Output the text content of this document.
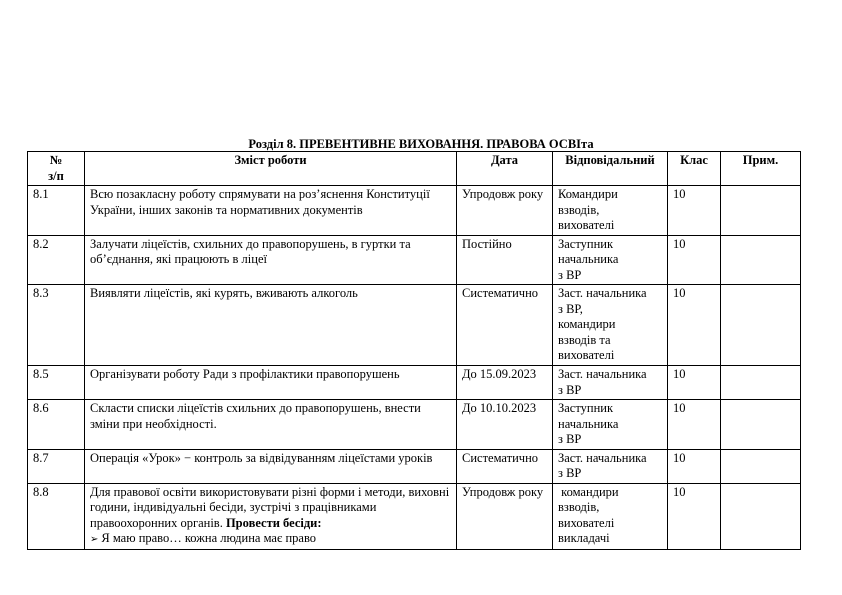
Розділ 8. ПРЕВЕНТИВНЕ ВИХОВАННЯ. ПРАВОВА ОСВІта
№
з/п	Зміст роботи	Дата	Відповідальний	Клас	Прим.
8.1	Всю позакласну роботу спрямувати на роз’яснення Конституції України, інших законів та нормативних документів	Упродовж року	Командири
взводів,
вихователі	10	
8.2	Залучати ліцеїстів, схильних до правопорушень, в гуртки та об’єднання, які працюють в ліцеї	Постійно	Заступник
начальника
з ВР	10	
8.3	Виявляти ліцеїстів, які курять, вживають алкоголь	Систематично	Заст. начальника
з ВР,
командири
взводів та
вихователі	10	
8.5	Організувати роботу Ради з профілактики правопорушень	До 15.09.2023	Заст. начальника
з ВР	10	
8.6	Скласти списки ліцеїстів схильних до правопорушень, внести зміни при необхідності.	До 10.10.2023	Заступник
начальника
з ВР	10	
8.7	Операція «Урок» − контроль за відвідуванням ліцеїстами уроків	Систематично	Заст. начальника
з ВР	10	
8.8	Для правової освіти використовувати різні форми і методи, виховні години, індивідуальні бесіди, зустрічі з працівниками правоохоронних органів. Провести бесіди:
➢ Я маю право… кожна людина має право	Упродовж року	командири
взводів,
вихователі
викладачі	10	
